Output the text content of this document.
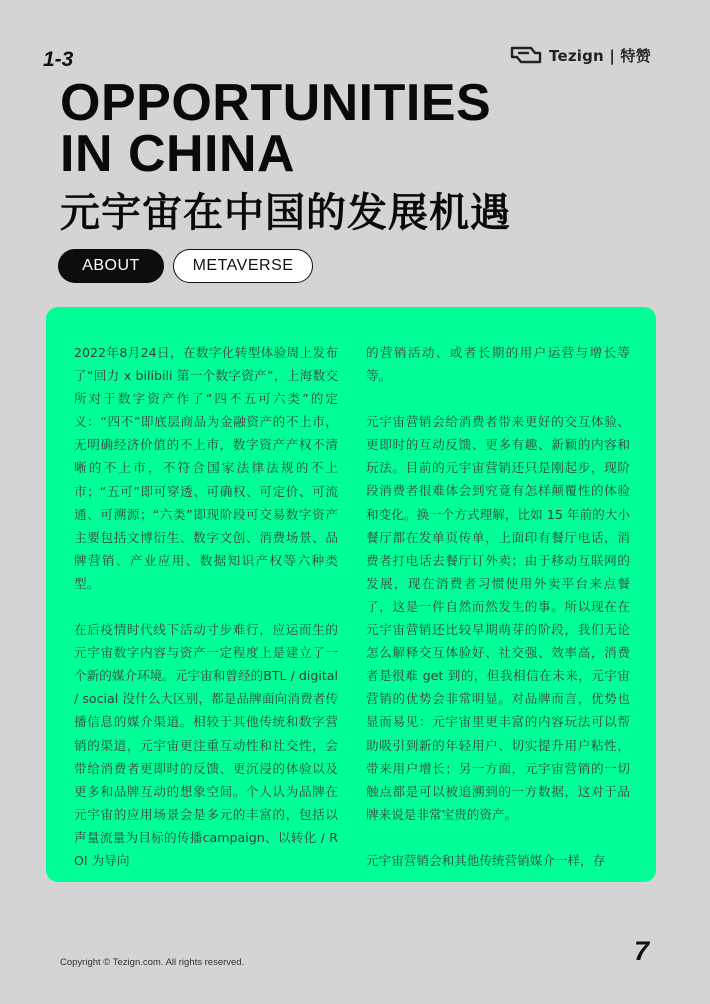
1-3	Tezign | 特赞
OPPORTUNITIES
IN CHINA
元宇宙在中国的发展机遇
ABOUT	METAVERSE

2022年8月24日，在数字化转型体验周上发布了“回力 x bilibili 第一个数字资产”，上海数交所对于数字资产作了“四不五可六类”的定义：“四不”即底层商品为金融资产的不上市，无明确经济价值的不上市，数字资产产权不清晰的不上市，不符合国家法律法规的不上市；“五可”即可穿透、可确权、可定价、可流通、可溯源；“六类”即现阶段可交易数字资产主要包括文博衍生、数字文创、消费场景、品牌营销、产业应用、数据知识产权等六种类型。

在后疫情时代线下活动寸步难行，应运而生的元宇宙数字内容与资产一定程度上是建立了一个新的媒介环境。元宇宙和曾经的BTL / digital / social 没什么大区别，都是品牌面向消费者传播信息的媒介渠道。相较于其他传统和数字营销的渠道，元宇宙更注重互动性和社交性，会带给消费者更即时的反馈、更沉浸的体验以及更多和品牌互动的想象空间。个人认为品牌在元宇宙的应用场景会是多元的丰富的，包括以声量流量为目标的传播campaign、以转化 / ROI 为导向

的营销活动、或者长期的用户运营与增长等等。

元宇宙营销会给消费者带来更好的交互体验、更即时的互动反馈、更多有趣、新颖的内容和玩法。目前的元宇宙营销还只是刚起步，现阶段消费者很难体会到究竟有怎样颠覆性的体验和变化。换一个方式理解，比如 15 年前的大小餐厅都在发单页传单，上面印有餐厅电话，消费者打电话去餐厅订外卖；由于移动互联网的发展，现在消费者习惯使用外卖平台来点餐了，这是一件自然而然发生的事。所以现在在元宇宙营销还比较早期萌芽的阶段，我们无论怎么解释交互体验好、社交强、效率高，消费者是很难 get 到的，但我相信在未来，元宇宙营销的优势会非常明显。对品牌而言，优势也显而易见：元宇宙里更丰富的内容玩法可以帮助吸引到新的年轻用户、切实提升用户粘性，带来用户增长；另一方面，元宇宙营销的一切触点都是可以被追溯到的一方数据，这对于品牌来说是非常宝贵的资产。

元宇宙营销会和其他传统营销媒介一样，存

Copyright © Tezign.com. All rights reserved.	7
